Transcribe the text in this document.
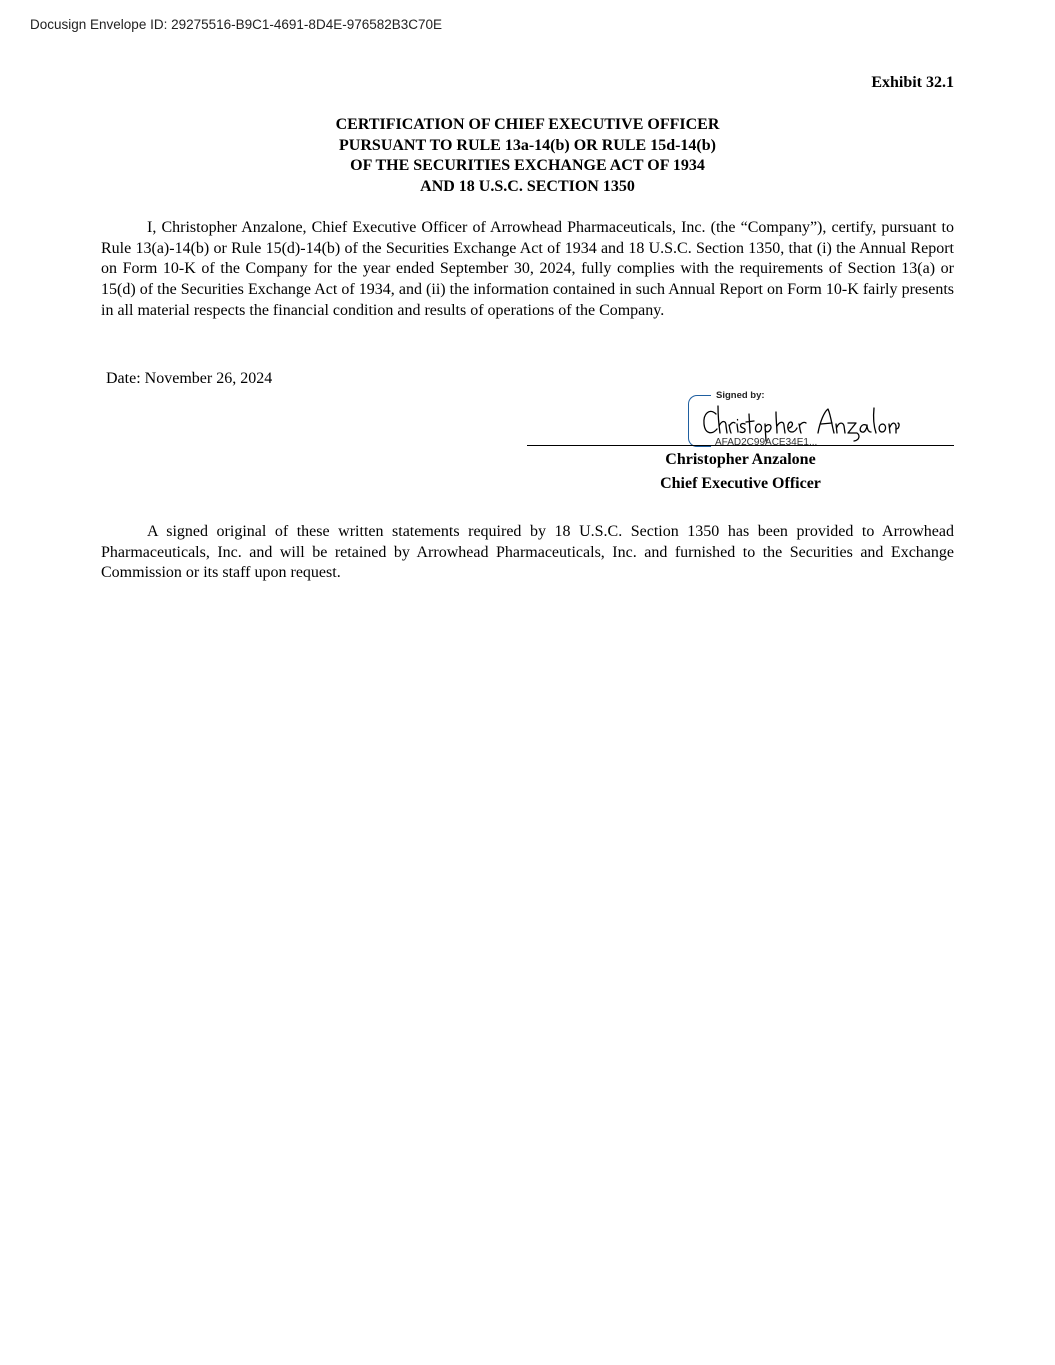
Docusign Envelope ID: 29275516-B9C1-4691-8D4E-976582B3C70E
Exhibit 32.1
CERTIFICATION OF CHIEF EXECUTIVE OFFICER
PURSUANT TO RULE 13a-14(b) OR RULE 15d-14(b)
OF THE SECURITIES EXCHANGE ACT OF 1934
AND 18 U.S.C. SECTION 1350

I, Christopher Anzalone, Chief Executive Officer of Arrowhead Pharmaceuticals, Inc. (the “Company”), certify, pursuant to Rule 13(a)-14(b) or Rule 15(d)-14(b) of the Securities Exchange Act of 1934 and 18 U.S.C. Section 1350, that (i) the Annual Report on Form 10-K of the Company for the year ended September 30, 2024, fully complies with the requirements of Section 13(a) or 15(d) of the Securities Exchange Act of 1934, and (ii) the information contained in such Annual Report on Form 10-K fairly presents in all material respects the financial condition and results of operations of the Company.

Date: November 26, 2024
Signed by:
AFAD2C99ACE34E1...
Christopher Anzalone
Chief Executive Officer

A signed original of these written statements required by 18 U.S.C. Section 1350 has been provided to Arrowhead Pharmaceuticals, Inc. and will be retained by Arrowhead Pharmaceuticals, Inc. and furnished to the Securities and Exchange Commission or its staff upon request.
